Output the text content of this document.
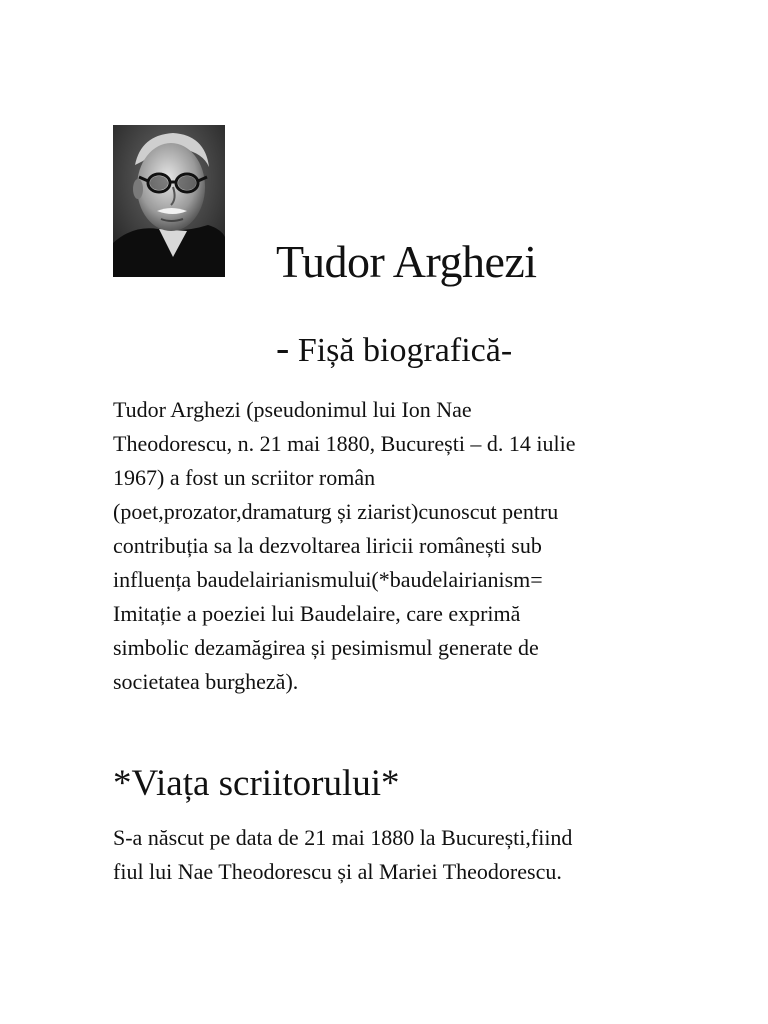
Tudor Arghezi
- Fișă biografică-

Tudor Arghezi (pseudonimul lui Ion Nae
Theodorescu, n. 21 mai 1880, București – d. 14 iulie
1967) a fost un scriitor român
(poet,prozator,dramaturg și ziarist)cunoscut pentru
contribuția sa la dezvoltarea liricii românești sub
influența baudelairianismului(*baudelairianism=
Imitație a poeziei lui Baudelaire, care exprimă
simbolic dezamăgirea și pesimismul generate de
societatea burgheză).

*Viața scriitorului*

S-a născut pe data de 21 mai 1880 la București,fiind
fiul lui Nae Theodorescu și al Mariei Theodorescu.
